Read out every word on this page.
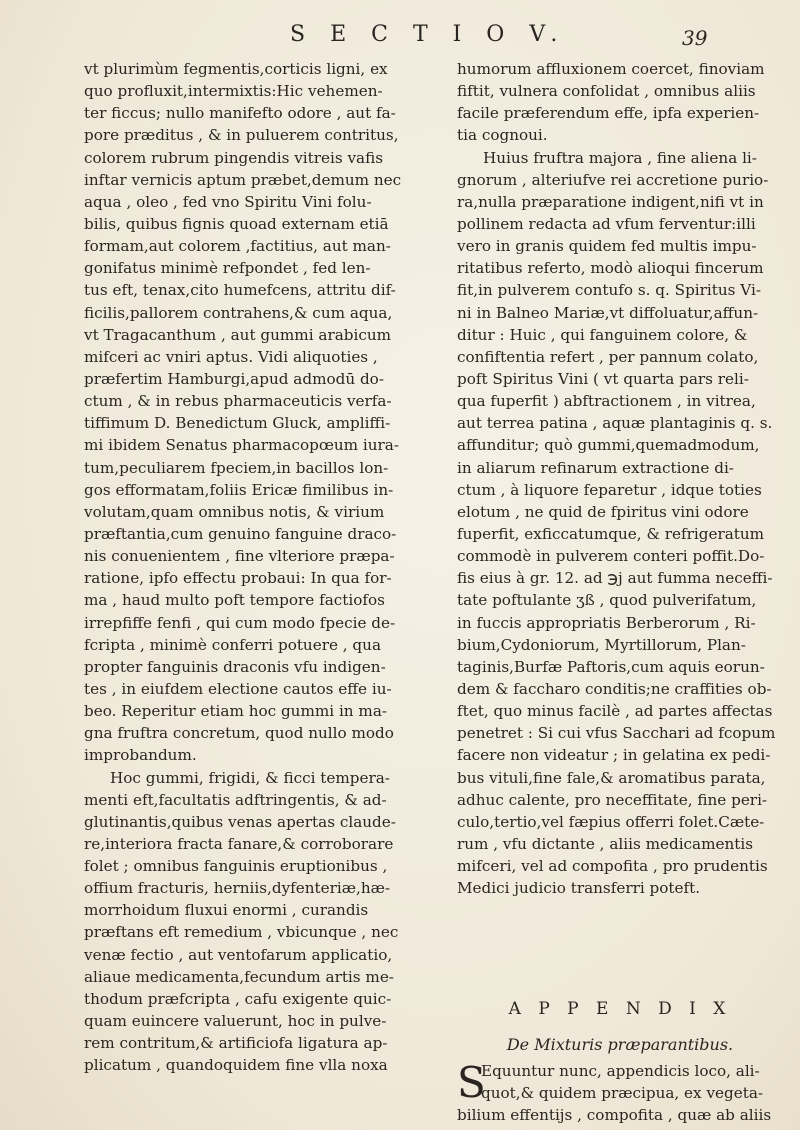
S E C T I O V.	39
vt plurimùm fegmentis,corticis ligni, ex
quo profluxit,intermixtis:Hic vehemen-
ter ficcus; nullo manifefto odore , aut fa-
pore præditus , & in puluerem contritus,
colorem rubrum pingendis vitreis vafis
inftar vernicis aptum præbet,demum nec
aqua , oleo , fed vno Spiritu Vini folu-
bilis, quibus fignis quoad externam etiā
formam,aut colorem ,factitius, aut man-
gonifatus minimè refpondet , fed len-
tus eft, tenax,cito humefcens, attritu dif-
ficilis,pallorem contrahens,& cum aqua,
vt Tragacanthum , aut gummi arabicum
mifceri ac vniri aptus. Vidi aliquoties ,
præfertim Hamburgi,apud admodū do-
ctum , & in rebus pharmaceuticis verfa-
tiffimum D. Benedictum Gluck, ampliffi-
mi ibidem Senatus pharmacopœum iura-
tum,peculiarem fpeciem,in bacillos lon-
gos efformatam,foliis Ericæ fimilibus in-
volutam,quam omnibus notis, & virium
præftantia,cum genuino fanguine draco-
nis conuenientem , fine vlteriore præpa-
ratione, ipfo effectu probaui: In qua for-
ma , haud multo poft tempore factiofos
irrepfiffe fenfi , qui cum modo fpecie de-
fcripta , minimè conferri potuere , qua
propter fanguinis draconis vfu indigen-
tes , in eiufdem electione cautos effe iu-
beo. Reperitur etiam hoc gummi in ma-
gna fruftra concretum, quod nullo modo
improbandum.
Hoc gummi, frigidi, & ficci tempera-
menti eft,facultatis adftringentis, & ad-
glutinantis,quibus venas apertas claude-
re,interiora fracta fanare,& corroborare
folet ; omnibus fanguinis eruptionibus ,
offium fracturis, herniis,dyfenteriæ,hæ-
morrhoidum fluxui enormi , curandis
præftans eft remedium , vbicunque , nec
venæ fectio , aut ventofarum applicatio,
aliaue medicamenta,fecundum artis me-
thodum præfcripta , cafu exigente quic-
quam euincere valuerunt, hoc in pulve-
rem contritum,& artificiofa ligatura ap-
plicatum , quandoquidem fine vlla noxa
humorum affluxionem coercet, finoviam
fiftit, vulnera confolidat , omnibus aliis
facile præferendum effe, ipfa experien-
tia cognoui.
Huius fruftra majora , fine aliena li-
gnorum , alteriufve rei accretione purio-
ra,nulla præparatione indigent,nifi vt in
pollinem redacta ad vfum ferventur:illi
vero in granis quidem fed multis impu-
ritatibus referto, modò alioqui fincerum
fit,in pulverem contufo s. q. Spiritus Vi-
ni in Balneo Mariæ,vt diffoluatur,affun-
ditur : Huic , qui fanguinem colore, &
confiftentia refert , per pannum colato,
poft Spiritus Vini ( vt quarta pars reli-
qua fuperfit ) abftractionem , in vitrea,
aut terrea patina , aquæ plantaginis q. s.
affunditur; quò gummi,quemadmodum,
in aliarum refinarum extractione di-
ctum , à liquore feparetur , idque toties
elotum , ne quid de fpiritus vini odore
fuperfit, exficcatumque, & refrigeratum
commodè in pulverem conteri poffit.Do-
fis eius à gr. 12. ad ℈j aut fumma neceffi-
tate poftulante ʒß , quod pulverifatum,
in fuccis appropriatis Berberorum , Ri-
bium,Cydoniorum, Myrtillorum, Plan-
taginis,Burfæ Paftoris,cum aquis eorun-
dem & faccharo conditis;ne craffities ob-
ftet, quo minus facilè , ad partes affectas
penetret : Si cui vfus Sacchari ad fcopum
facere non videatur ; in gelatina ex pedi-
bus vituli,fine fale,& aromatibus parata,
adhuc calente, pro neceffitate, fine peri-
culo,tertio,vel fæpius offerri folet.Cæte-
rum , vfu dictante , aliis medicamentis
mifceri, vel ad compofita , pro prudentis
Medici judicio transferri poteft.
A P P E N D I X
De Mixturis præparantibus.
S
Equuntur nunc, appendicis loco, ali-
quot,& quidem præcipua, ex vegeta-
bilium effentijs , compofita , quæ ab aliis
